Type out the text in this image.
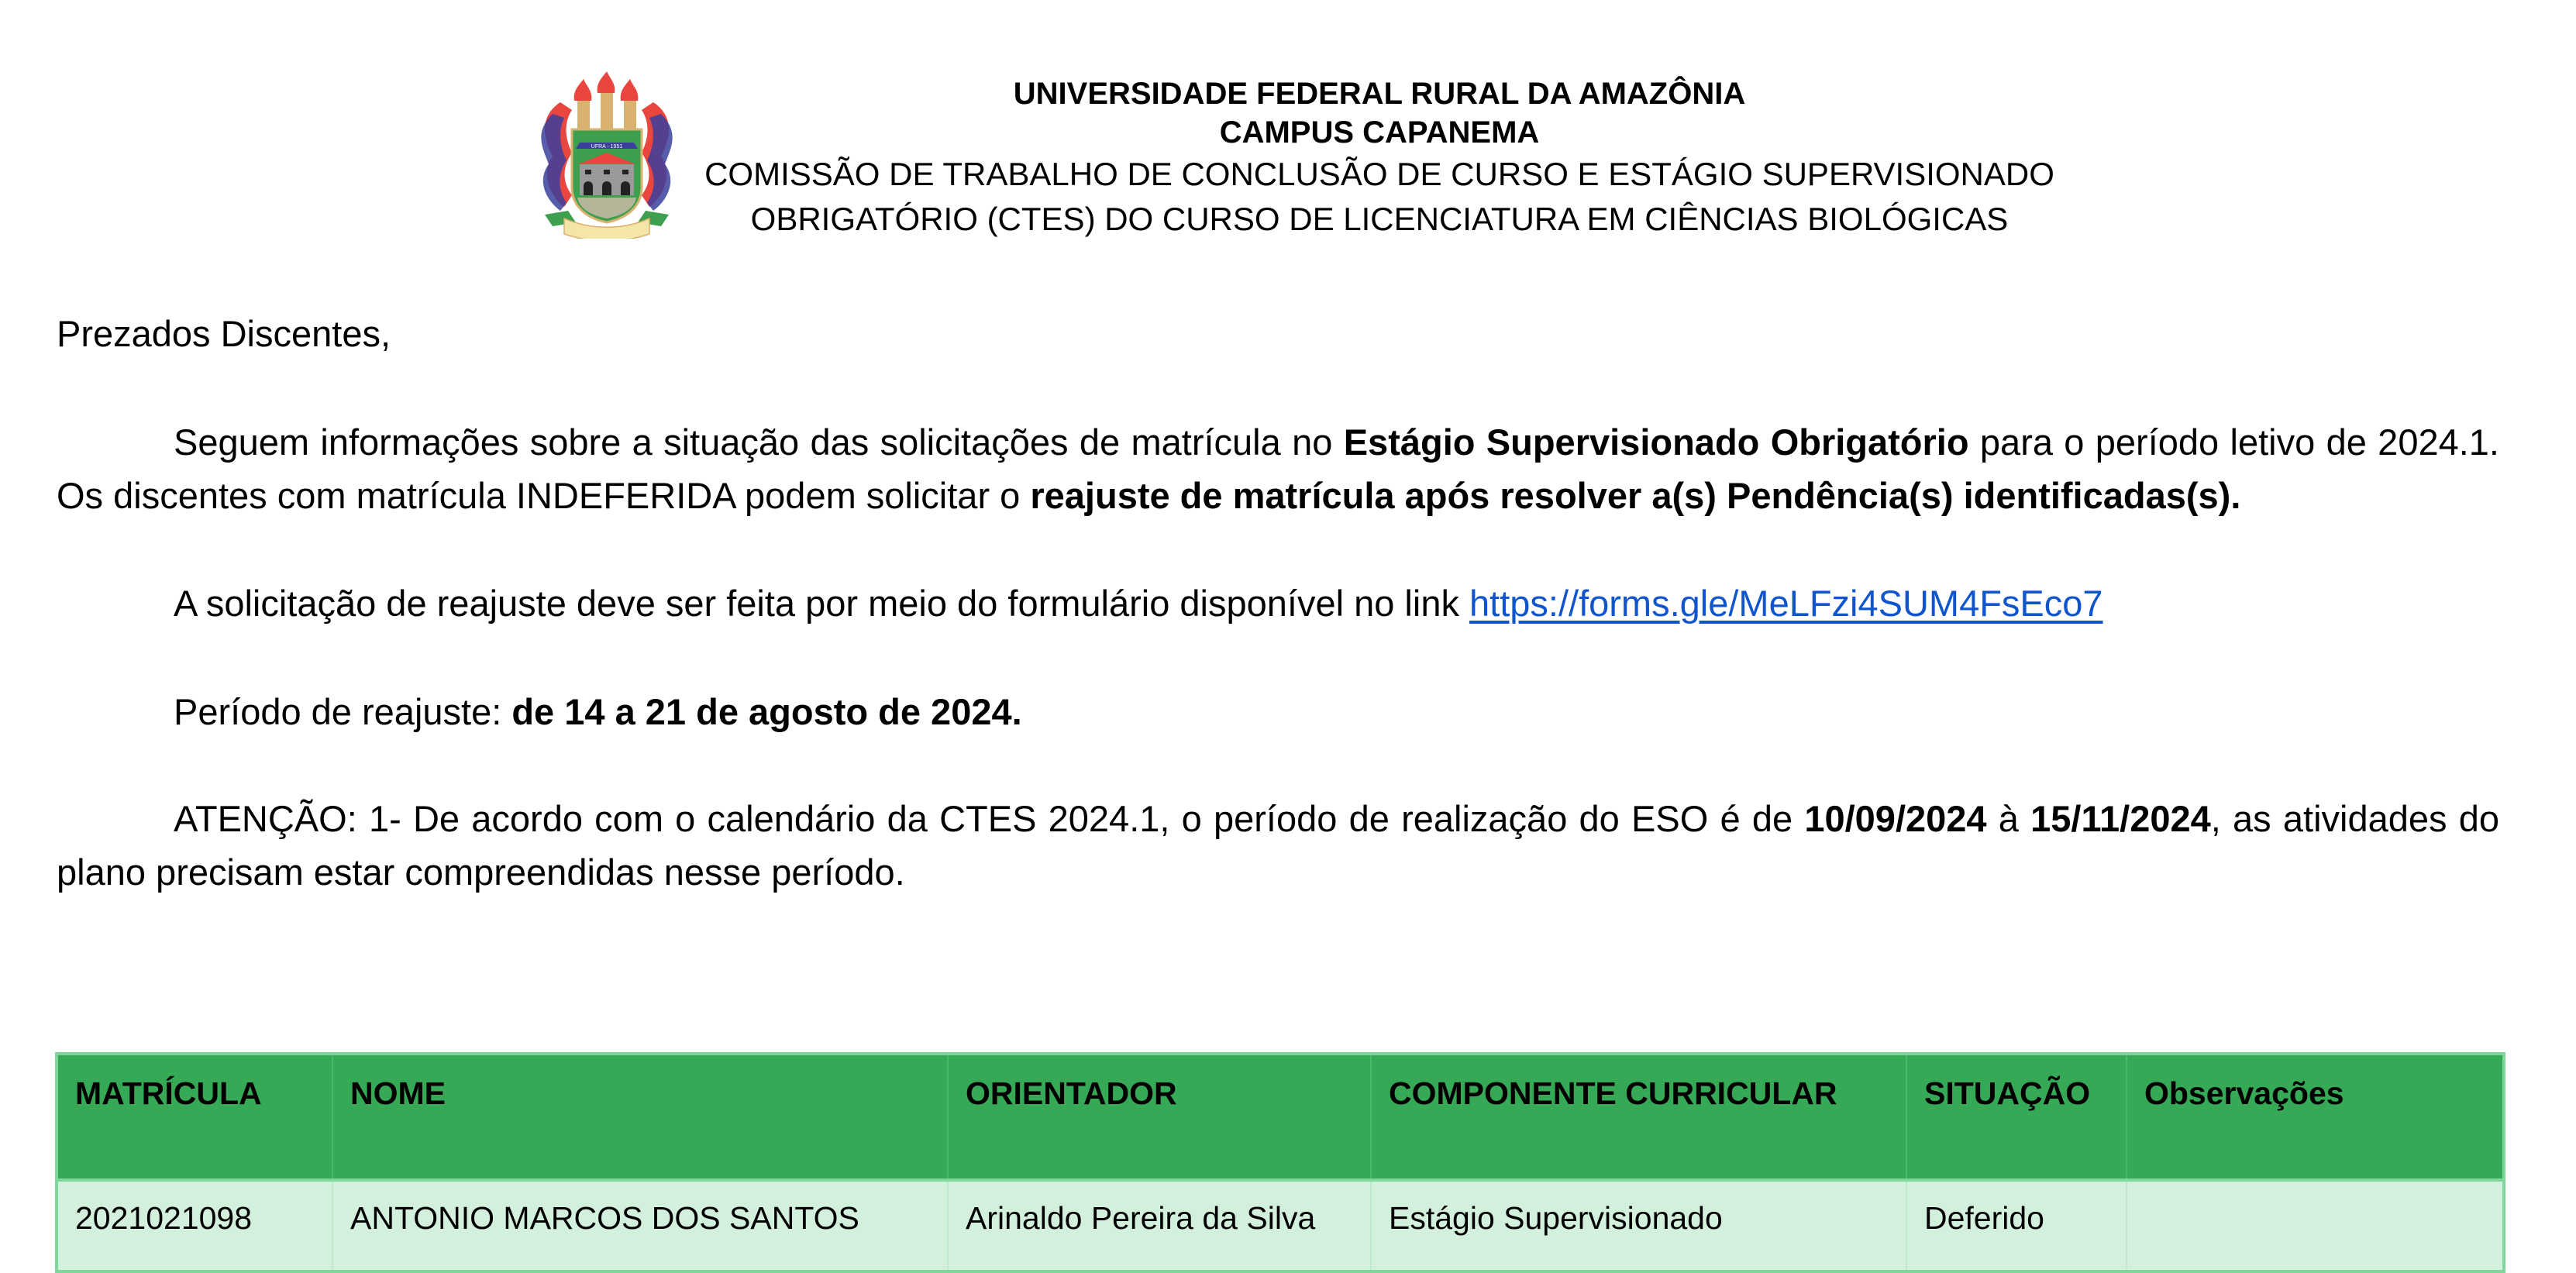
UFRA - 1951
UNIVERSIDADE FEDERAL RURAL DA AMAZÔNIA
CAMPUS CAPANEMA
COMISSÃO DE TRABALHO DE CONCLUSÃO DE CURSO E ESTÁGIO SUPERVISIONADO
OBRIGATÓRIO (CTES) DO CURSO DE LICENCIATURA EM CIÊNCIAS BIOLÓGICAS

Prezados Discentes,

Seguem informações sobre a situação das solicitações de matrícula no Estágio Supervisionado Obrigatório para o período letivo de 2024.1. Os discentes com matrícula INDEFERIDA podem solicitar o reajuste de matrícula após resolver a(s) Pendência(s) identificadas(s).

A solicitação de reajuste deve ser feita por meio do formulário disponível no link https://forms.gle/MeLFzi4SUM4FsEco7

Período de reajuste: de 14 a 21 de agosto de 2024.

ATENÇÃO: 1- De acordo com o calendário da CTES 2024.1, o período de realização do ESO é de 10/09/2024 à 15/11/2024, as atividades do plano precisam estar compreendidas nesse período.

MATRÍCULA	NOME	ORIENTADOR	COMPONENTE CURRICULAR	SITUAÇÃO	Observações
2021021098	ANTONIO MARCOS DOS SANTOS	Arinaldo Pereira da Silva	Estágio Supervisionado	Deferido	
